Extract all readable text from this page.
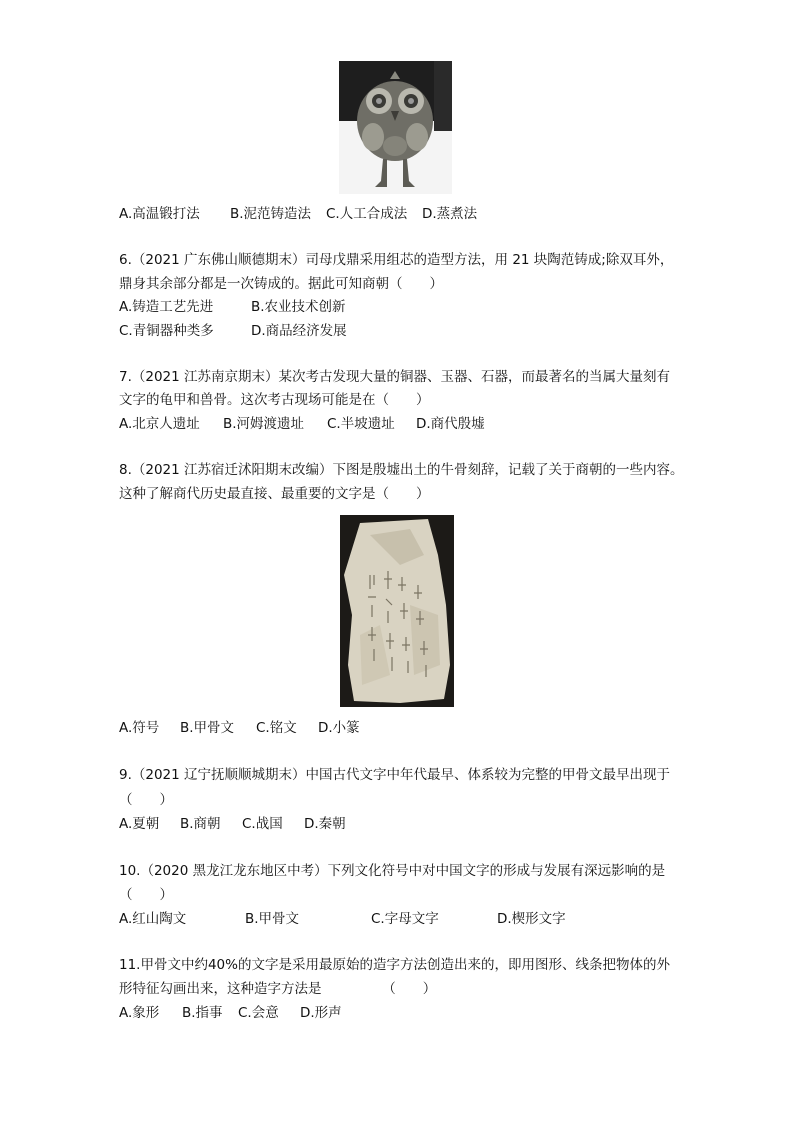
A.高温锻打法 B.泥范铸造法 C.人工合成法 D.蒸煮法
6.（2021 广东佛山顺德期末）司母戊鼎采用组芯的造型方法，用 21 块陶范铸成;除双耳外，
鼎身其余部分都是一次铸成的。据此可知商朝（　　）
A.铸造工艺先进	B.农业技术创新
C.青铜器种类多	D.商品经济发展
7.（2021 江苏南京期末）某次考古发现大量的铜器、玉器、石器，而最著名的当属大量刻有
文字的龟甲和兽骨。这次考古现场可能是在（　　）
A.北京人遗址 B.河姆渡遗址 C.半坡遗址 D.商代殷墟
8.（2021 江苏宿迁沭阳期末改编）下图是殷墟出土的牛骨刻辞，记载了关于商朝的一些内容。
这种了解商代历史最直接、最重要的文字是（　　）
A.符号 B.甲骨文 C.铭文 D.小篆
9.（2021 辽宁抚顺顺城期末）中国古代文字中年代最早、体系较为完整的甲骨文最早出现于
（　　）
A.夏朝 B.商朝 C.战国 D.秦朝
10.（2020 黑龙江龙东地区中考）下列文化符号中对中国文字的形成与发展有深远影响的是
（　　）
A.红山陶文	B.甲骨文	C.字母文字	D.楔形文字
11.甲骨文中约40%的文字是采用最原始的造字方法创造出来的，即用图形、线条把物体的外
形特征勾画出来，这种造字方法是　　　　　（　　）
A.象形 B.指事 C.会意 D.形声
